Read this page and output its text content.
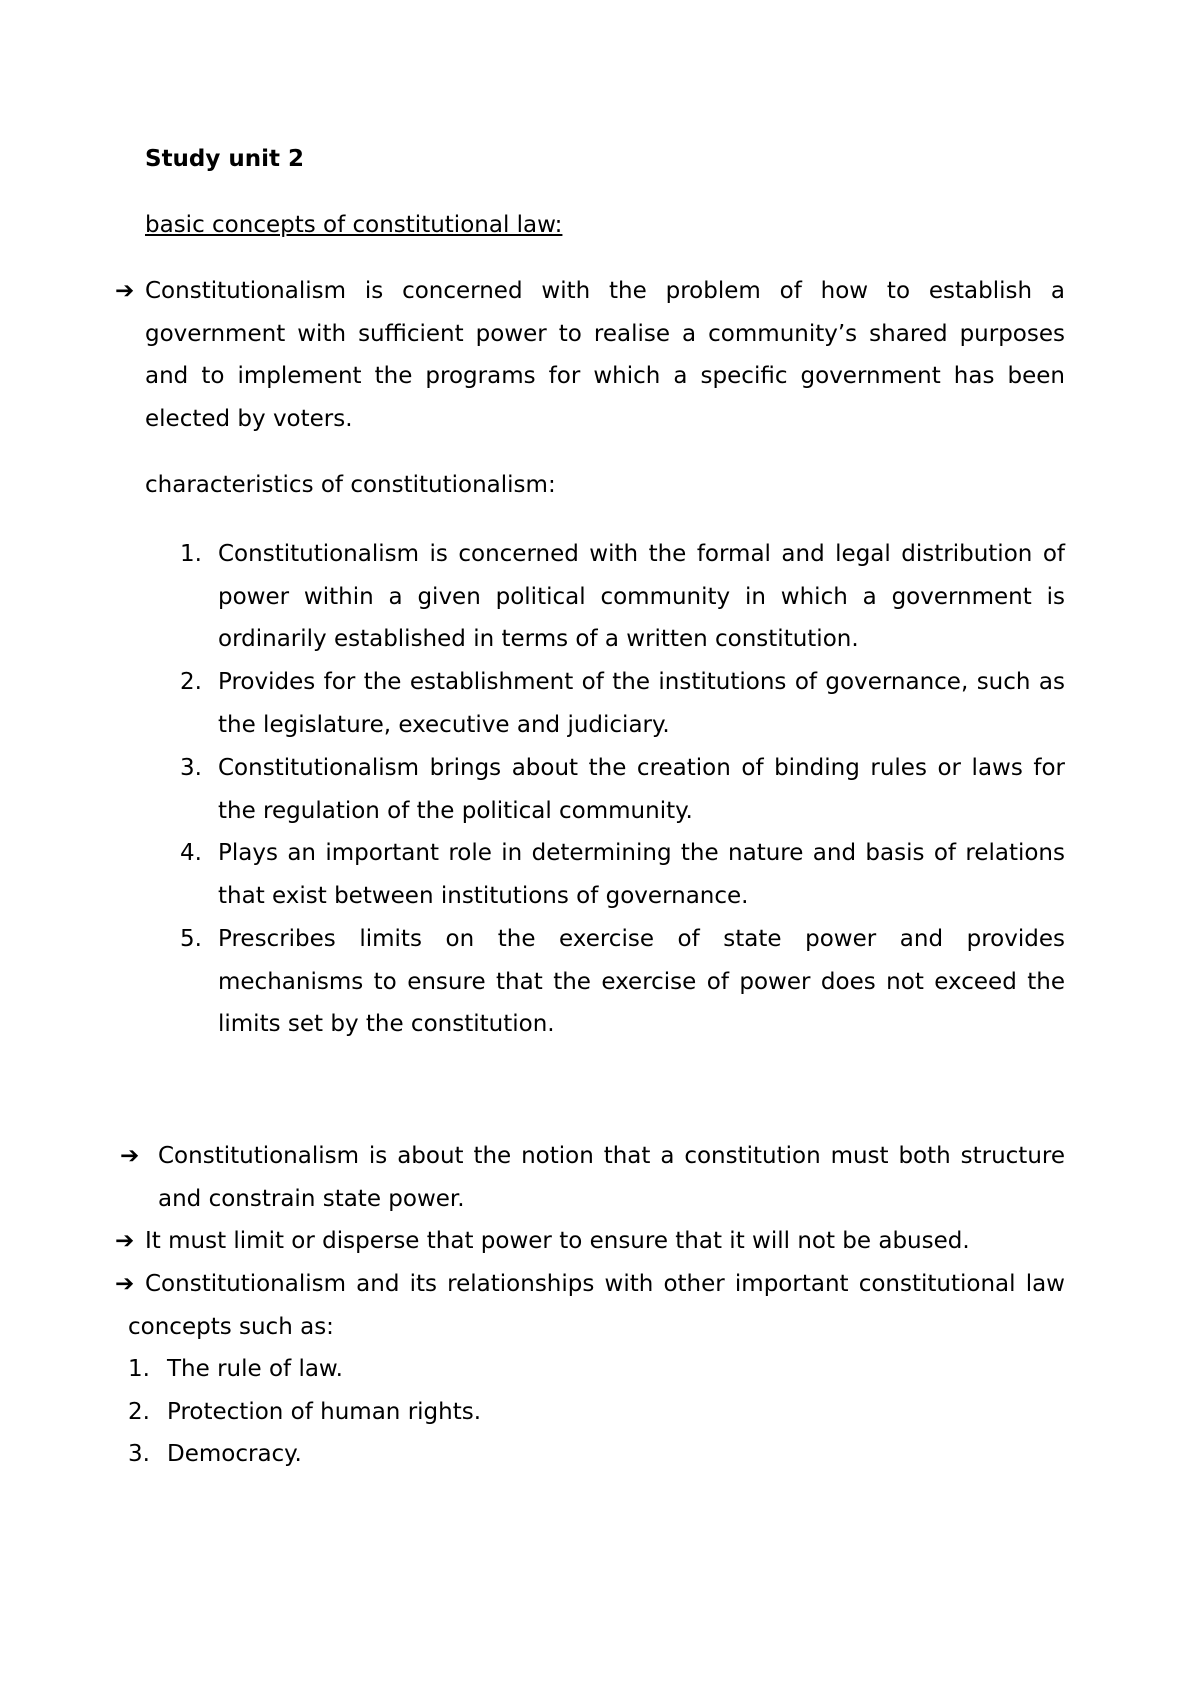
Study unit 2
basic concepts of constitutional law:
➔ Constitutionalism is concerned with the problem of how to establish a government with sufficient power to realise a community’s shared purposes and to implement the programs for which a specific government has been elected by voters.
characteristics of constitutionalism:
1. Constitutionalism is concerned with the formal and legal distribution of power within a given political community in which a government is ordinarily established in terms of a written constitution.
2. Provides for the establishment of the institutions of governance, such as the legislature, executive and judiciary.
3. Constitutionalism brings about the creation of binding rules or laws for the regulation of the political community.
4. Plays an important role in determining the nature and basis of relations that exist between institutions of governance.
5. Prescribes limits on the exercise of state power and provides mechanisms to ensure that the exercise of power does not exceed the limits set by the constitution.
➔ Constitutionalism is about the notion that a constitution must both structure and constrain state power.
➔ It must limit or disperse that power to ensure that it will not be abused.
➔ Constitutionalism and its relationships with other important constitutional law concepts such as:
1. The rule of law.
2. Protection of human rights.
3. Democracy.
